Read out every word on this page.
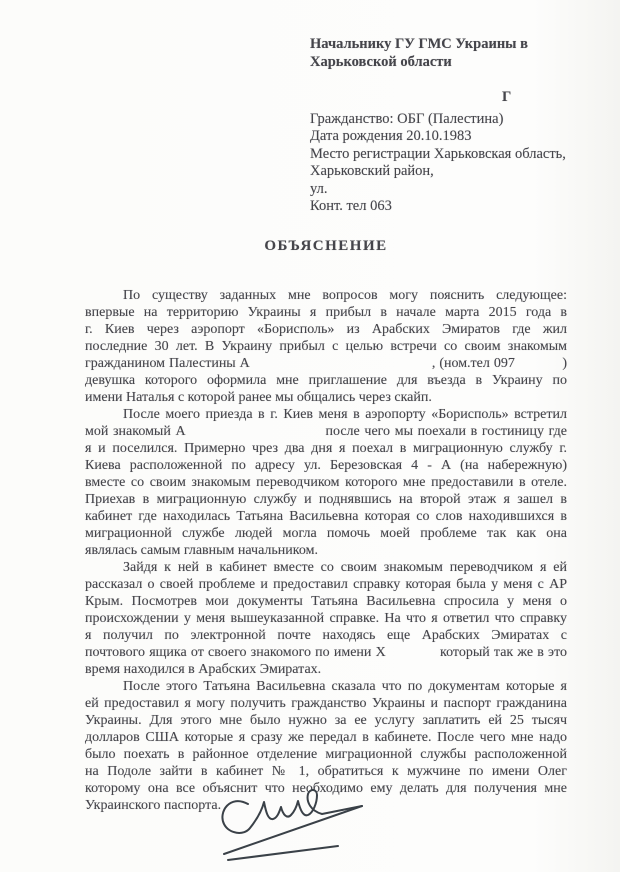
Начальнику ГУ ГМС Украины в
Харьковской области
Г
Гражданство: ОБГ (Палестина)
Дата рождения 20.10.1983
Место регистрации Харьковская область,
Харьковский район,
ул.
Конт. тел 063
ОБЪЯСНЕНИЕ
По существу заданных мне вопросов могу пояснить следующее:
впервые на территорию Украины я прибыл в начале марта 2015 года в
г. Киев через аэропорт «Борисполь» из Арабских Эмиратов где жил
последние 30 лет. В Украину прибыл с целью встречи со своим знакомым
гражданином Палестины А                                              , (ном.тел 097            )
девушка которого оформила мне приглашение для въезда в Украину по
имени Наталья с которой ранее мы общались через скайп.
После моего приезда в г. Киев меня в аэропорту «Борисполь» встретил
мой знакомый А                              после чего мы поехали в гостиницу где
я и поселился. Примерно чрез два дня я поехал в миграционную службу г.
Киева расположенной по адресу ул. Березовская 4 - А (на набережную)
вместе со своим знакомым переводчиком которого мне предоставили в отеле.
Приехав в миграционную службу и поднявшись на второй этаж я зашел в
кабинет где находилась Татьяна Васильевна которая со слов находившихся в
миграционной службе людей могла помочь моей проблеме так как она
являлась самым главным начальником.
Зайдя к ней в кабинет вместе со своим знакомым переводчиком я ей
рассказал о своей проблеме и предоставил справку которая была у меня с АР
Крым. Посмотрев мои документы Татьяна Васильевна спросила у меня о
происхождении у меня вышеуказанной справке. На что я ответил что справку
я получил по электронной почте находясь еще Арабских Эмиратах с
почтового ящика от своего знакомого по имени Х             который так же в это
время находился в Арабских Эмиратах.
После этого Татьяна Васильевна сказала что по документам которые я
ей предоставил я могу получить гражданство Украины и паспорт гражданина
Украины. Для этого мне было нужно за ее услугу заплатить ей 25 тысяч
долларов США которые я сразу же передал в кабинете. После чего мне надо
было поехать в районное отделение миграционной службы расположенной
на Подоле зайти в кабинет № 1, обратиться к мужчине по имени Олег
которому она все объяснит что необходимо ему делать для получения мне
Украинского паспорта.
